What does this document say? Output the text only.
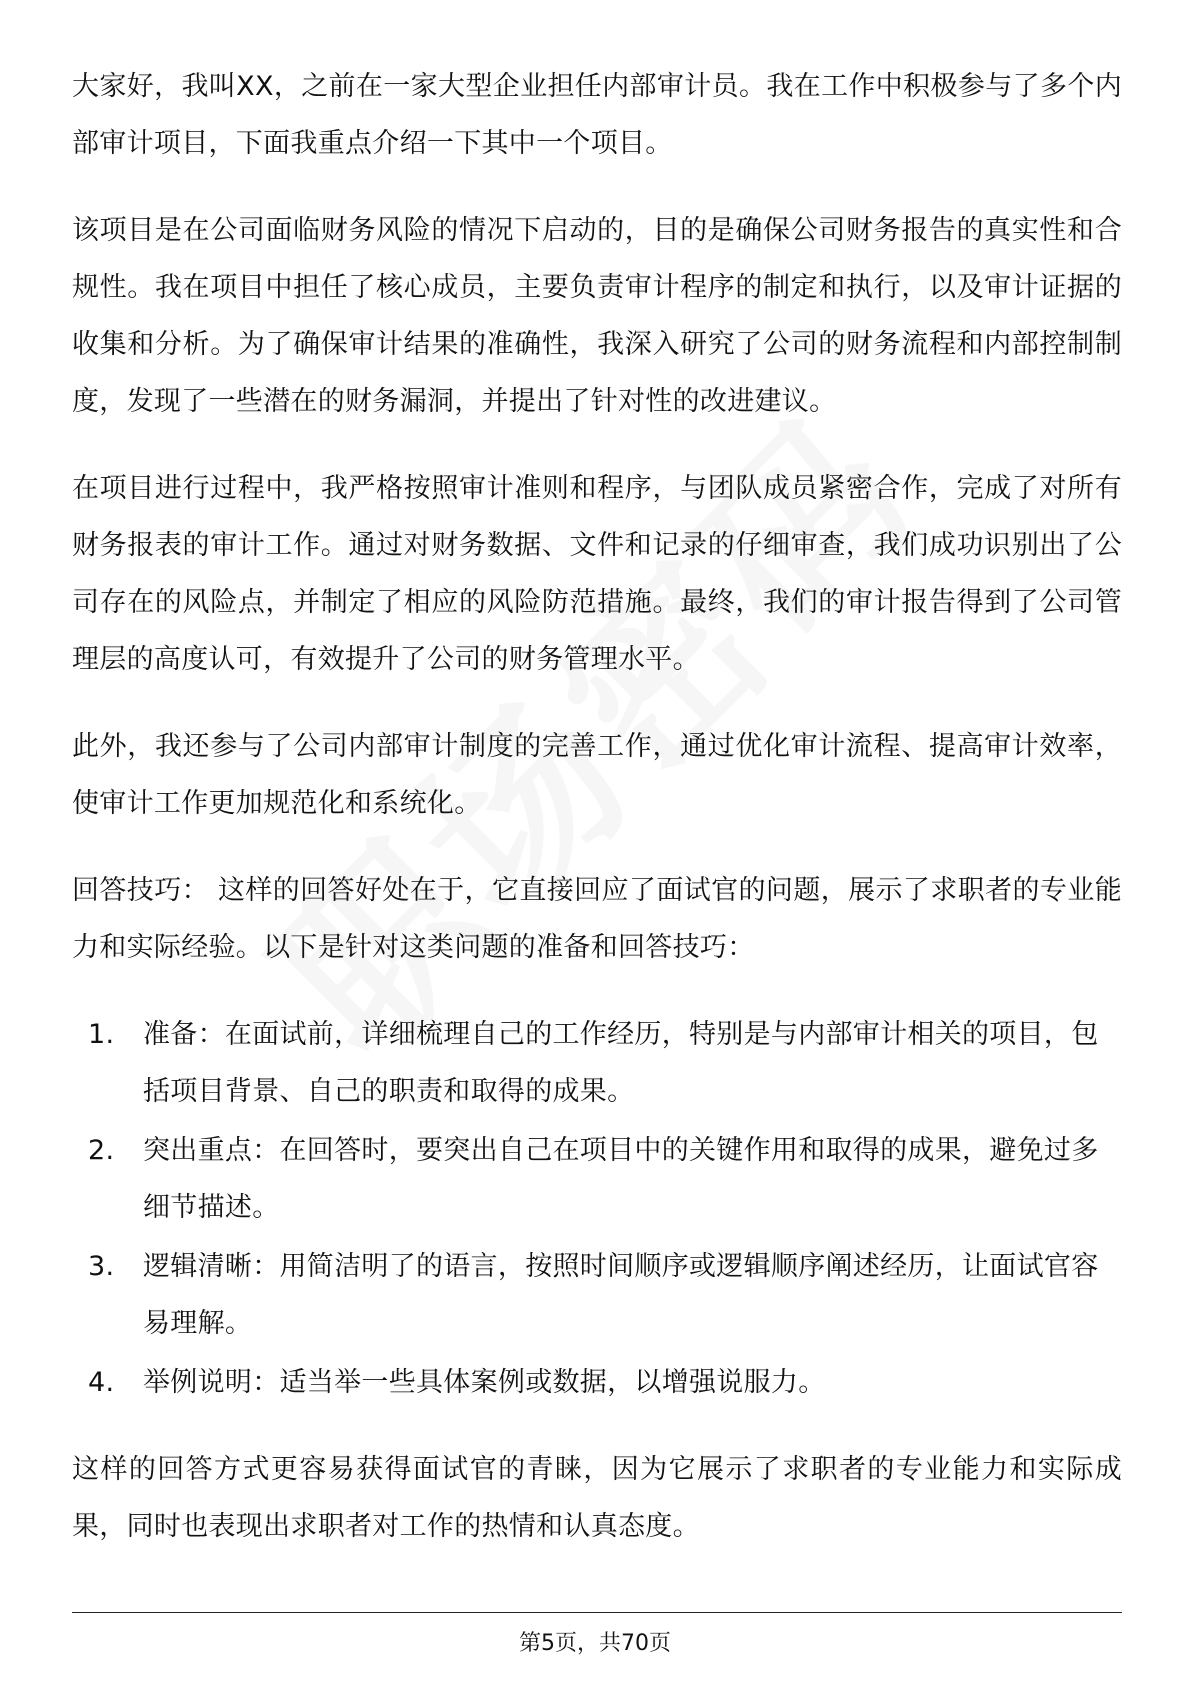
大家好，我叫XX，之前在一家大型企业担任内部审计员。我在工作中积极参与了多个内部审计项目，下面我重点介绍一下其中一个项目。

该项目是在公司面临财务风险的情况下启动的，目的是确保公司财务报告的真实性和合规性。我在项目中担任了核心成员，主要负责审计程序的制定和执行，以及审计证据的收集和分析。为了确保审计结果的准确性，我深入研究了公司的财务流程和内部控制制度，发现了一些潜在的财务漏洞，并提出了针对性的改进建议。

在项目进行过程中，我严格按照审计准则和程序，与团队成员紧密合作，完成了对所有财务报表的审计工作。通过对财务数据、文件和记录的仔细审查，我们成功识别出了公司存在的风险点，并制定了相应的风险防范措施。最终，我们的审计报告得到了公司管理层的高度认可，有效提升了公司的财务管理水平。

此外，我还参与了公司内部审计制度的完善工作，通过优化审计流程、提高审计效率，使审计工作更加规范化和系统化。

回答技巧： 这样的回答好处在于，它直接回应了面试官的问题，展示了求职者的专业能力和实际经验。以下是针对这类问题的准备和回答技巧：

1.	准备：在面试前，详细梳理自己的工作经历，特别是与内部审计相关的项目，包括项目背景、自己的职责和取得的成果。
2.	突出重点：在回答时，要突出自己在项目中的关键作用和取得的成果，避免过多细节描述。
3.	逻辑清晰：用简洁明了的语言，按照时间顺序或逻辑顺序阐述经历，让面试官容易理解。
4.	举例说明：适当举一些具体案例或数据，以增强说服力。

这样的回答方式更容易获得面试官的青睐，因为它展示了求职者的专业能力和实际成果，同时也表现出求职者对工作的热情和认真态度。

第5页，共70页
